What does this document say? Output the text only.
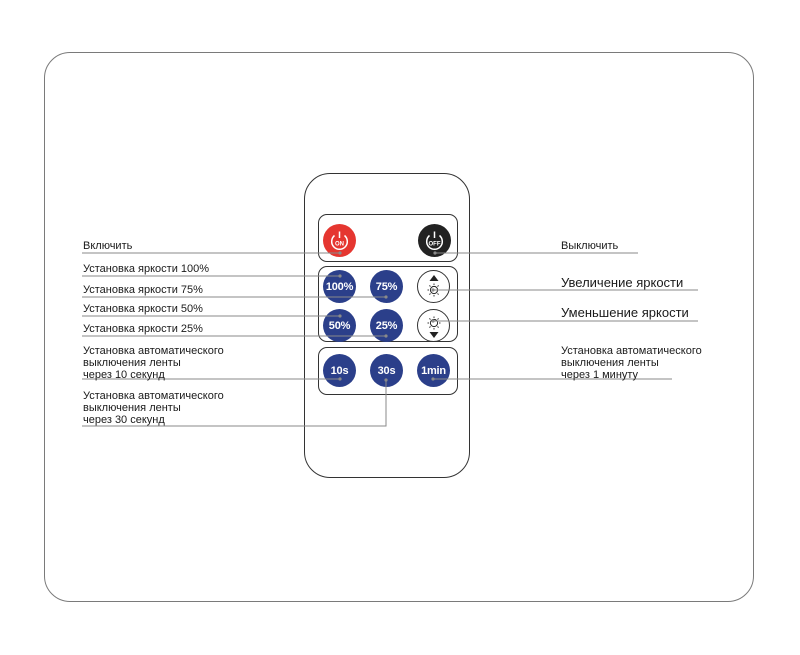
ON	OFF
100% 75%
50% 25%
10s	30s 1min
Включить
Установка яркости 100%
Установка яркости 75%
Установка яркости 50%
Установка яркости 25%
Установка автоматического
выключения ленты
через 10 секунд
Установка автоматического
выключения ленты
через 30 секунд
Выключить
Увеличение яркости
Уменьшение яркости
Установка автоматического
выключения ленты
через 1 минуту
